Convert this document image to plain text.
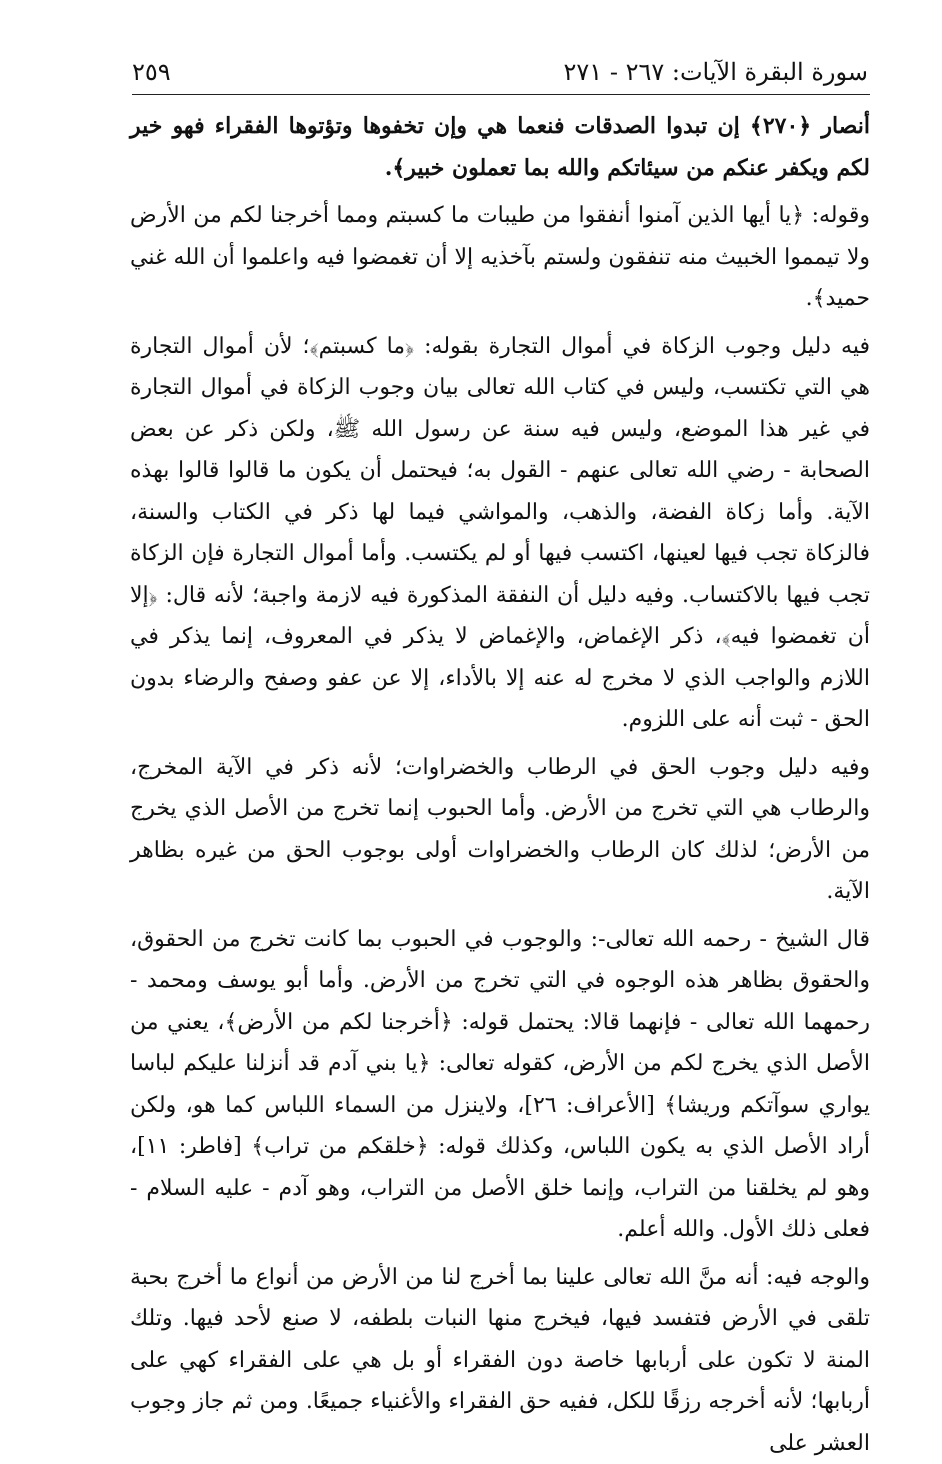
سورة البقرة الآيات: ٢٦٧ - ٢٧١
٢٥٩

أنصار ﴿٢٧٠﴾ إن تبدوا الصدقات فنعما هي وإن تخفوها وتؤتوها الفقراء فهو خير لكم ويكفر عنكم من سيئاتكم والله بما تعملون خبير﴾.

وقوله: ﴿يا أيها الذين آمنوا أنفقوا من طيبات ما كسبتم ومما أخرجنا لكم من الأرض ولا تيمموا الخبيث منه تنفقون ولستم بآخذيه إلا أن تغمضوا فيه واعلموا أن الله غني حميد﴾.

فيه دليل وجوب الزكاة في أموال التجارة بقوله: ﴿ما كسبتم﴾؛ لأن أموال التجارة هي التي تكتسب، وليس في كتاب الله تعالى بيان وجوب الزكاة في أموال التجارة في غير هذا الموضع، وليس فيه سنة عن رسول الله ﷺ، ولكن ذكر عن بعض الصحابة - رضي الله تعالى عنهم - القول به؛ فيحتمل أن يكون ما قالوا قالوا بهذه الآية. وأما زكاة الفضة، والذهب، والمواشي فيما لها ذكر في الكتاب والسنة، فالزكاة تجب فيها لعينها، اكتسب فيها أو لم يكتسب. وأما أموال التجارة فإن الزكاة تجب فيها بالاكتساب. وفيه دليل أن النفقة المذكورة فيه لازمة واجبة؛ لأنه قال: ﴿إلا أن تغمضوا فيه﴾، ذكر الإغماض، والإغماض لا يذكر في المعروف، إنما يذكر في اللازم والواجب الذي لا مخرج له عنه إلا بالأداء، إلا عن عفو وصفح والرضاء بدون الحق - ثبت أنه على اللزوم.

وفيه دليل وجوب الحق في الرطاب والخضراوات؛ لأنه ذكر في الآية المخرج، والرطاب هي التي تخرج من الأرض. وأما الحبوب إنما تخرج من الأصل الذي يخرج من الأرض؛ لذلك كان الرطاب والخضراوات أولى بوجوب الحق من غيره بظاهر الآية.

قال الشيخ - رحمه الله تعالى-: والوجوب في الحبوب بما كانت تخرج من الحقوق، والحقوق بظاهر هذه الوجوه في التي تخرج من الأرض. وأما أبو يوسف ومحمد - رحمهما الله تعالى - فإنهما قالا: يحتمل قوله: ﴿أخرجنا لكم من الأرض﴾، يعني من الأصل الذي يخرج لكم من الأرض، كقوله تعالى: ﴿يا بني آدم قد أنزلنا عليكم لباسا يواري سوآتكم وريشا﴾ [الأعراف: ٢٦]، ولاينزل من السماء اللباس كما هو، ولكن أراد الأصل الذي به يكون اللباس، وكذلك قوله: ﴿خلقكم من تراب﴾ [فاطر: ١١]، وهو لم يخلقنا من التراب، وإنما خلق الأصل من التراب، وهو آدم - عليه السلام - فعلى ذلك الأول. والله أعلم.

والوجه فيه: أنه منَّ الله تعالى علينا بما أخرج لنا من الأرض من أنواع ما أخرج بحبة تلقى في الأرض فتفسد فيها، فيخرج منها النبات بلطفه، لا صنع لأحد فيها. وتلك المنة لا تكون على أربابها خاصة دون الفقراء أو بل هي على الفقراء كهي على أربابها؛ لأنه أخرجه رزقًا للكل، ففيه حق الفقراء والأغنياء جميعًا. ومن ثم جاز وجوب العشر على
